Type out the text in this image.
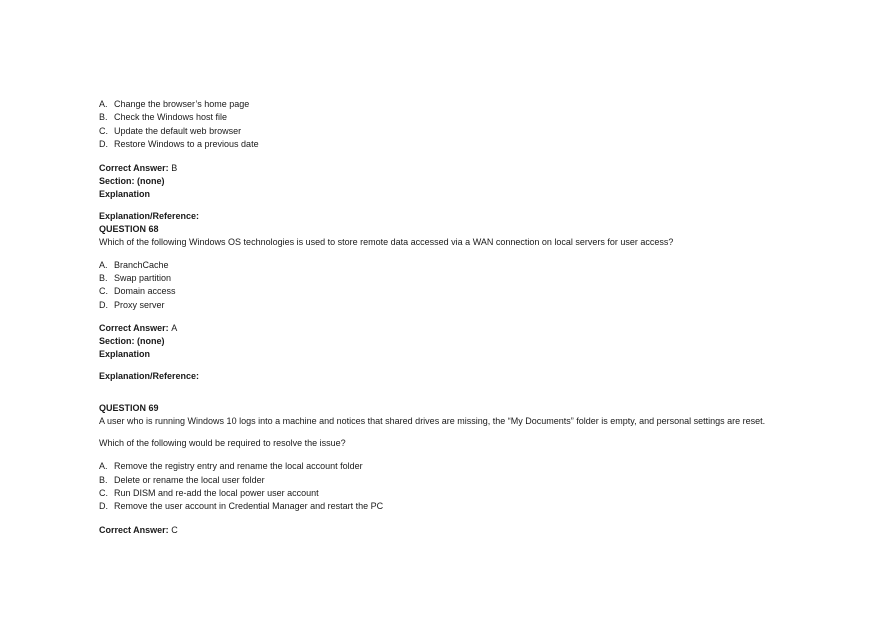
A. Change the browser’s home page
B. Check the Windows host file
C. Update the default web browser
D. Restore Windows to a previous date
Correct Answer: B
Section: (none)
Explanation
Explanation/Reference:
QUESTION 68

Which of the following Windows OS technologies is used to store remote data accessed via a WAN connection on local servers for user access?

A. BranchCache
B. Swap partition
C. Domain access
D. Proxy server
Correct Answer: A
Section: (none)
Explanation
Explanation/Reference:
QUESTION 69

A user who is running Windows 10 logs into a machine and notices that shared drives are missing, the “My Documents” folder is empty, and personal settings are reset.

Which of the following would be required to resolve the issue?

A. Remove the registry entry and rename the local account folder
B. Delete or rename the local user folder
C. Run DISM and re-add the local power user account
D. Remove the user account in Credential Manager and restart the PC
Correct Answer: C
